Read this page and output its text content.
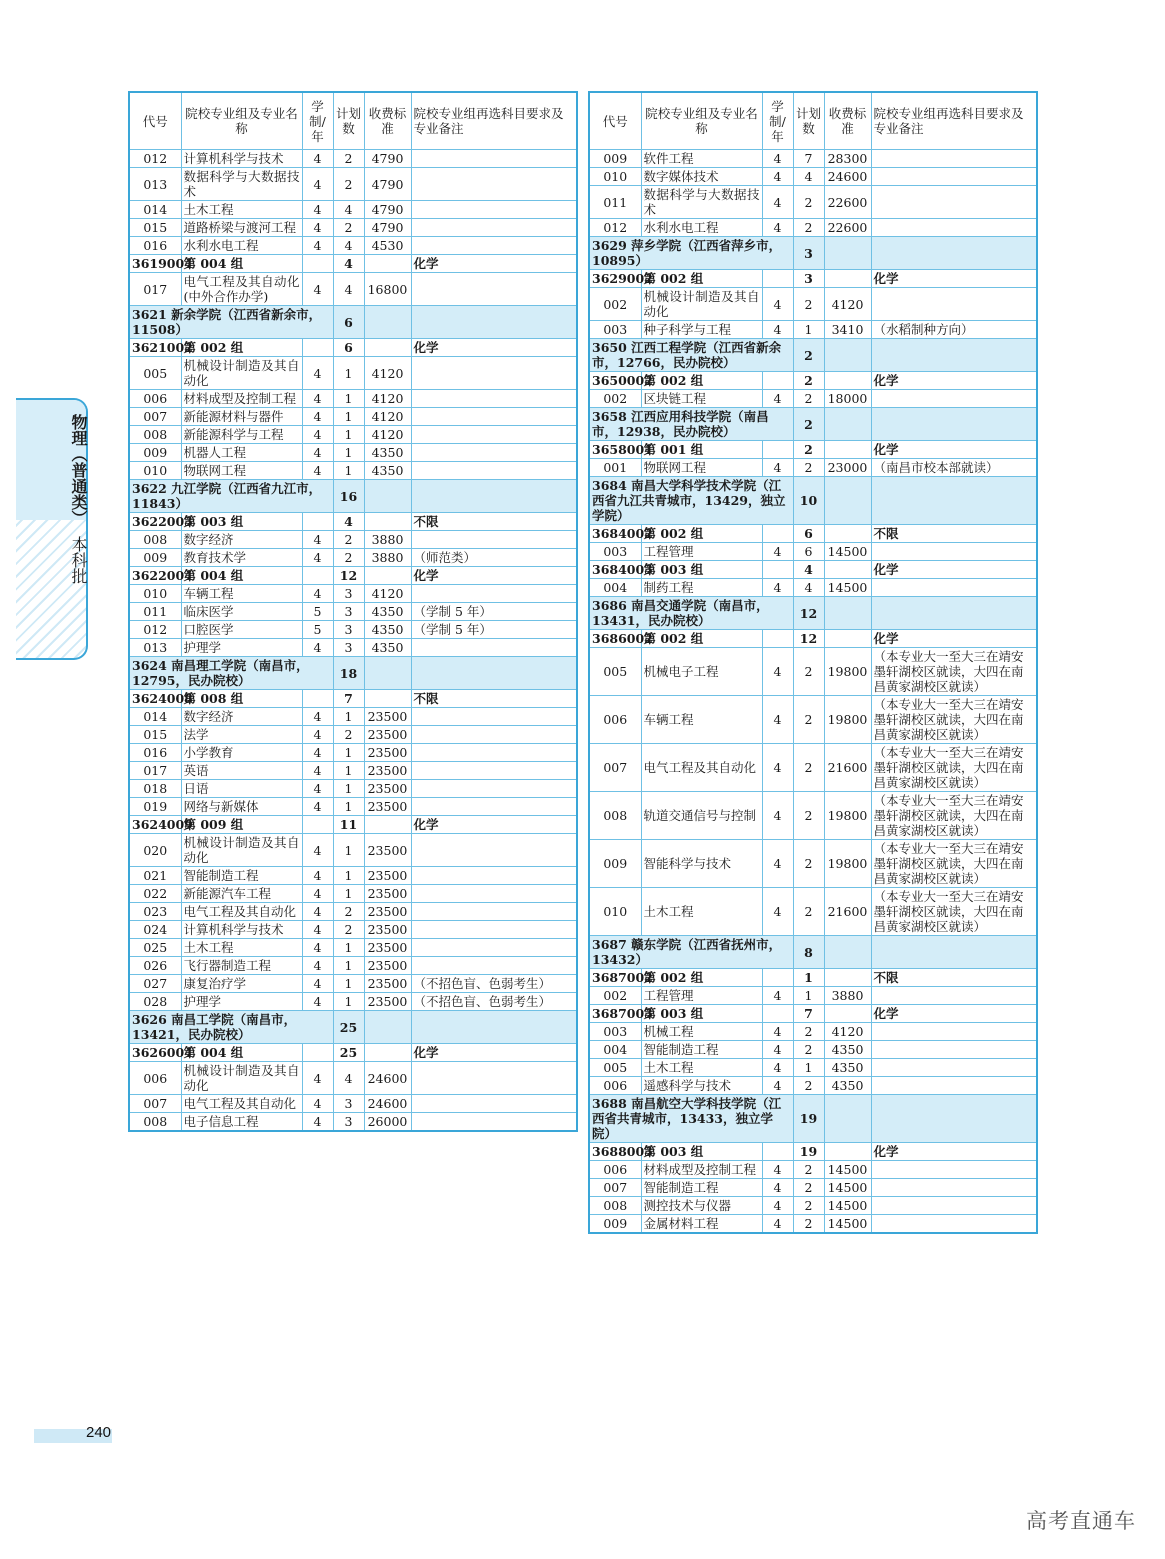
物理（普通类）本科批
代号	院校专业组及专业名称	学制/年	计划数	收费标准	院校专业组再选科目要求及专业备注
012	计算机科学与技术	4	2	4790	
013	数据科学与大数据技术	4	2	4790	
014	土木工程	4	4	4790	
015	道路桥梁与渡河工程	4	2	4790	
016	水利水电工程	4	4	4530	
3619004	第 004 组		4		化学
017	电气工程及其自动化(中外合作办学)	4	4	16800	
3621 新余学院（江西省新余市，11508）			6		
3621002	第 002 组		6		化学
005	机械设计制造及其自动化	4	1	4120	
006	材料成型及控制工程	4	1	4120	
007	新能源材料与器件	4	1	4120	
008	新能源科学与工程	4	1	4120	
009	机器人工程	4	1	4350	
010	物联网工程	4	1	4350	
3622 九江学院（江西省九江市，11843）			16		
3622003	第 003 组		4		不限
008	数字经济	4	2	3880	
009	教育技术学	4	2	3880	（师范类）
3622004	第 004 组		12		化学
010	车辆工程	4	3	4120	
011	临床医学	5	3	4350	（学制 5 年）
012	口腔医学	5	3	4350	（学制 5 年）
013	护理学	4	3	4350	
3624 南昌理工学院（南昌市，12795，民办院校）			18		
3624008	第 008 组		7		不限
014	数字经济	4	1	23500	
015	法学	4	2	23500	
016	小学教育	4	1	23500	
017	英语	4	1	23500	
018	日语	4	1	23500	
019	网络与新媒体	4	1	23500	
3624009	第 009 组		11		化学
020	机械设计制造及其自动化	4	1	23500	
021	智能制造工程	4	1	23500	
022	新能源汽车工程	4	1	23500	
023	电气工程及其自动化	4	2	23500	
024	计算机科学与技术	4	2	23500	
025	土木工程	4	1	23500	
026	飞行器制造工程	4	1	23500	
027	康复治疗学	4	1	23500	（不招色盲、色弱考生）
028	护理学	4	1	23500	（不招色盲、色弱考生）
3626 南昌工学院（南昌市，13421，民办院校）			25		
3626004	第 004 组		25		化学
006	机械设计制造及其自动化	4	4	24600	
007	电气工程及其自动化	4	3	24600	
008	电子信息工程	4	3	26000	
代号	院校专业组及专业名称	学制/年	计划数	收费标准	院校专业组再选科目要求及专业备注
009	软件工程	4	7	28300	
010	数字媒体技术	4	4	24600	
011	数据科学与大数据技术	4	2	22600	
012	水利水电工程	4	2	22600	
3629 萍乡学院（江西省萍乡市，10895）			3		
3629002	第 002 组		3		化学
002	机械设计制造及其自动化	4	2	4120	
003	种子科学与工程	4	1	3410	（水稻制种方向）
3650 江西工程学院（江西省新余市，12766，民办院校）			2		
3650002	第 002 组		2		化学
002	区块链工程	4	2	18000	
3658 江西应用科技学院（南昌市，12938，民办院校）			2		
3658001	第 001 组		2		化学
001	物联网工程	4	2	23000	（南昌市校本部就读）
3684 南昌大学科学技术学院（江西省九江共青城市，13429，独立学院）			10		
3684002	第 002 组		6		不限
003	工程管理	4	6	14500	
3684003	第 003 组		4		化学
004	制药工程	4	4	14500	
3686 南昌交通学院（南昌市，13431，民办院校）			12		
3686002	第 002 组		12		化学
005	机械电子工程	4	2	19800	（本专业大一至大三在靖安墨轩湖校区就读，大四在南昌黄家湖校区就读）
006	车辆工程	4	2	19800	（本专业大一至大三在靖安墨轩湖校区就读，大四在南昌黄家湖校区就读）
007	电气工程及其自动化	4	2	21600	（本专业大一至大三在靖安墨轩湖校区就读，大四在南昌黄家湖校区就读）
008	轨道交通信号与控制	4	2	19800	（本专业大一至大三在靖安墨轩湖校区就读，大四在南昌黄家湖校区就读）
009	智能科学与技术	4	2	19800	（本专业大一至大三在靖安墨轩湖校区就读，大四在南昌黄家湖校区就读）
010	土木工程	4	2	21600	（本专业大一至大三在靖安墨轩湖校区就读，大四在南昌黄家湖校区就读）
3687 赣东学院（江西省抚州市，13432）			8		
3687002	第 002 组		1		不限
002	工程管理	4	1	3880	
3687003	第 003 组		7		化学
003	机械工程	4	2	4120	
004	智能制造工程	4	2	4350	
005	土木工程	4	1	4350	
006	遥感科学与技术	4	2	4350	
3688 南昌航空大学科技学院（江西省共青城市，13433，独立学院）			19		
3688003	第 003 组		19		化学
006	材料成型及控制工程	4	2	14500	
007	智能制造工程	4	2	14500	
008	测控技术与仪器	4	2	14500	
009	金属材料工程	4	2	14500	
240
高考直通车
